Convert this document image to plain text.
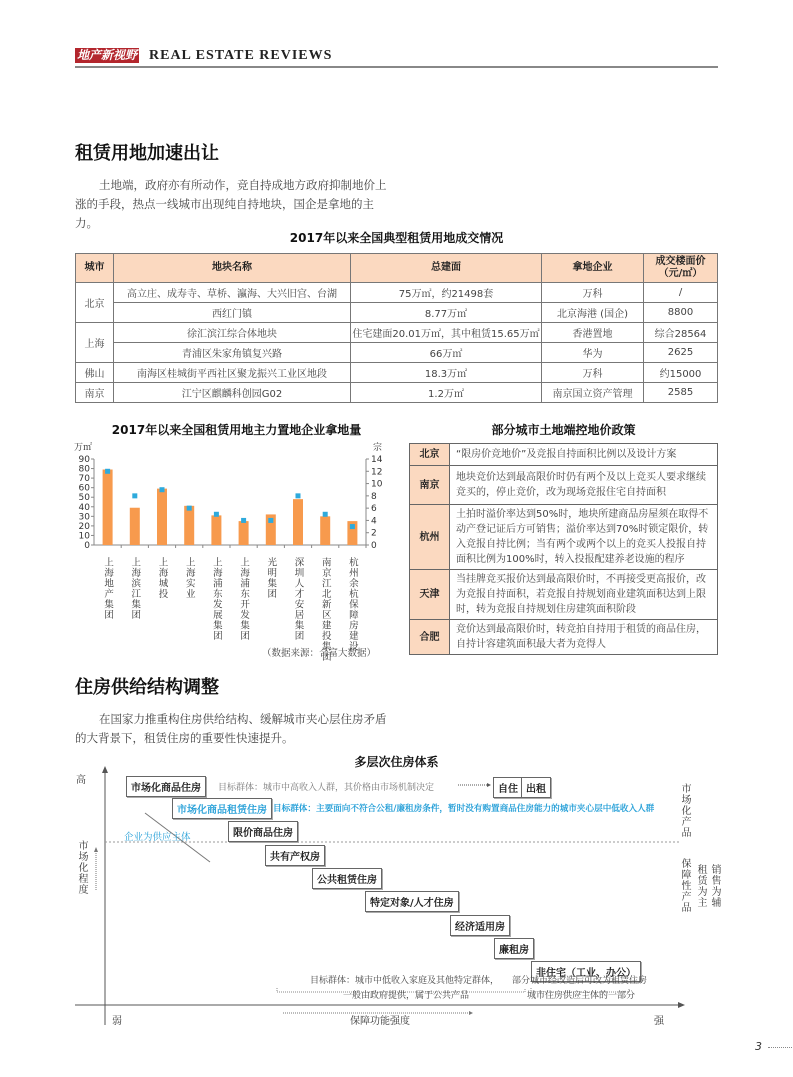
地产新视野 REAL ESTATE REVIEWS
租赁用地加速出让

土地端，政府亦有所动作，竞自持成地方政府抑制地价上涨的手段，热点一线城市出现纯自持地块，国企是拿地的主力。

2017年以来全国典型租赁用地成交情况
城市	地块名称	总建面	拿地企业	成交楼面价（元/㎡）
北京	高立庄、成寿寺、草桥、瀛海、大兴旧宫、台湖	75万㎡，约21498套	万科	/
	西红门镇	8.77万㎡	北京海港 (国企)	8800
上海	徐汇滨江综合体地块	住宅建面20.01万㎡，其中租赁15.65万㎡	香港置地	综合28564
	青浦区朱家角镇复兴路	66万㎡	华为	2625
佛山	南海区桂城街平西社区聚龙振兴工业区地段	18.3万㎡	万科	约15000
南京	江宁区麒麟科创园G02	1.2万㎡	南京国立资产管理	2585
2017年以来全国租赁用地主力置地企业拿地量
万㎡	宗
0
10
20
30
40
50
60
70
80
90
0
2
4
6
8
10
12
14
上海地产集团 上海滨江集团 上海城投 上海实业 上海浦东发展集团 上海浦东开发集团 光明集团 深圳人才安居集团 南京江北新区建投集团 杭州余杭保障房建设
（数据来源：合富大数据）
部分城市土地端控地价政策
北京	“限房价竞地价”及竞报自持面积比例以及设计方案
南京	地块竞价达到最高限价时仍有两个及以上竞买人要求继续竞买的，停止竞价，改为现场竞报住宅自持面积
杭州	土拍时溢价率达到50%时，地块所建商品房屋须在取得不动产登记证后方可销售；溢价率达到70%时锁定限价，转入竞报自持比例；当有两个或两个以上的竞买人投报自持面积比例为100%时，转入投报配建养老设施的程序
天津	当挂牌竞买报价达到最高限价时，不再接受更高报价，改为竞报自持面积，若竞报自持规划商业建筑面积达到上限时，转为竞报自持规划住房建筑面积阶段
合肥	竞价达到最高限价时，转竞拍自持用于租赁的商品住房，自持计容建筑面积最大者为竞得人
住房供给结构调整

在国家力推重构住房供给结构、缓解城市夹心层住房矛盾的大背景下，租赁住房的重要性快速提升。

多层次住房体系
高
市场化程度
弱	保障功能强度	强
市场化商品住房	目标群体：城市中高收入人群，其价格由市场机制决定	自住 出租
市场化商品租赁住房 目标群体：主要面向不符合公租/廉租房条件，暂时没有购置商品住房能力的城市夹心层中低收入人群
企业为供应主体	限价商品住房
共有产权房
公共租赁住房
特定对象/人才住房
经济适用房
廉租房
非住宅（工业、办公）
目标群体：城市中低收入家庭及其他特定群体，
一般由政府提供，属于公共产品
部分城市经改造后可改为租赁住房
城市住房供应主体的一部分
市场化产品
保障性产品 租赁为主 销售为辅
3
